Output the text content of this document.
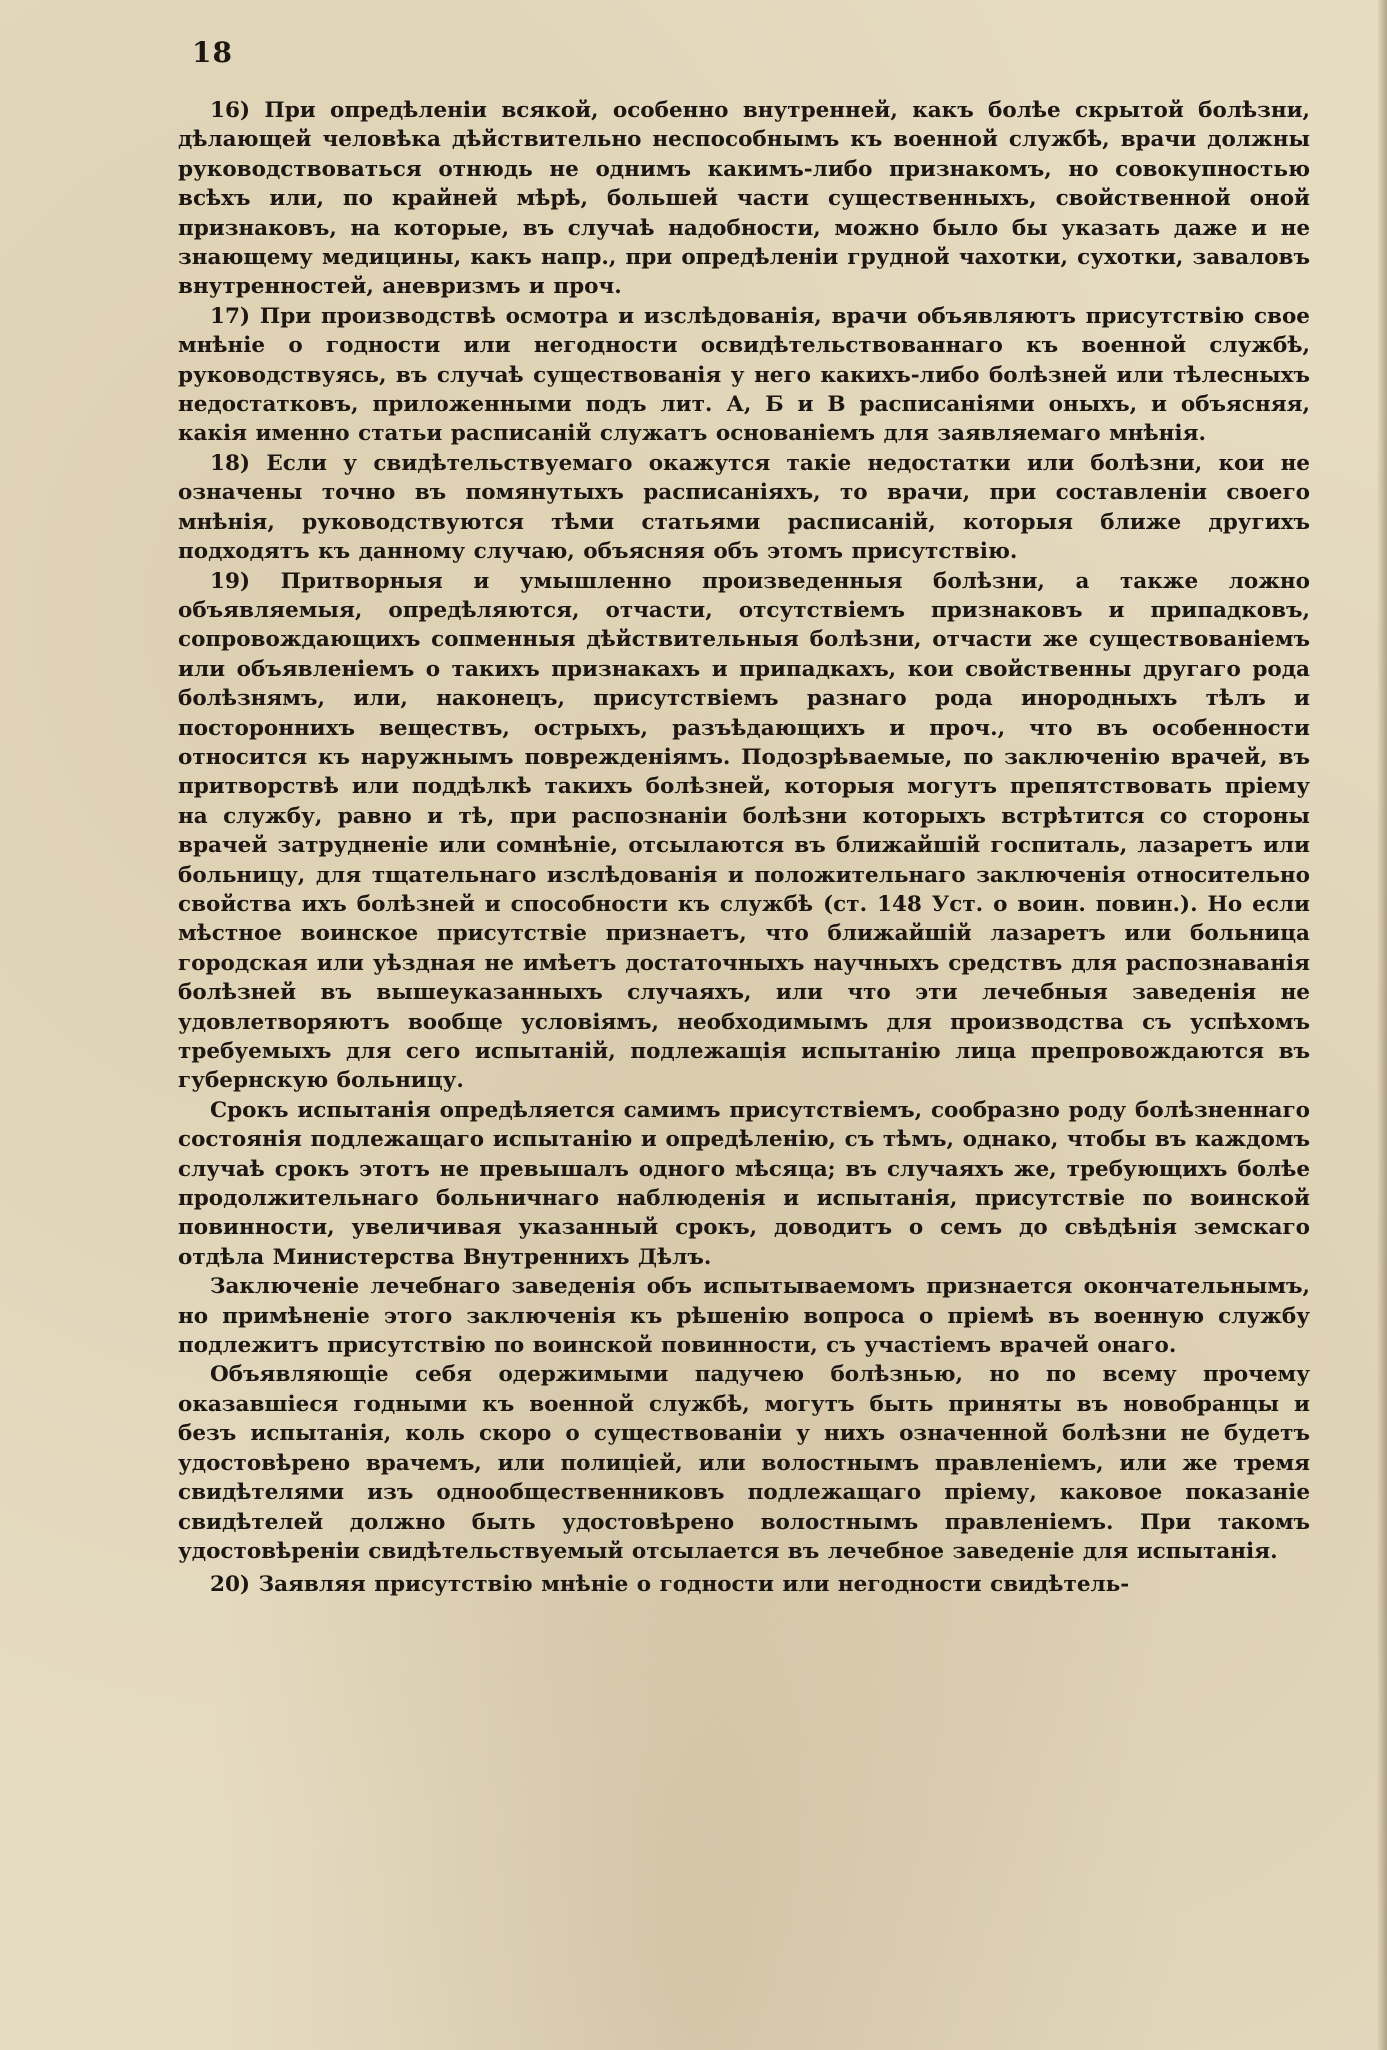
18

16) При опредѣленіи всякой, особенно внутренней, какъ болѣе скрытой болѣзни, дѣлающей человѣка дѣйствительно неспособнымъ къ военной службѣ, врачи должны руководствоваться отнюдь не однимъ какимъ-либо признакомъ, но совокупностью всѣхъ или, по крайней мѣрѣ, большей части существенныхъ, свойственной оной признаковъ, на которые, въ случаѣ надобности, можно было бы указать даже и не знающему медицины, какъ напр., при опредѣленіи грудной чахотки, сухотки, заваловъ внутренностей, аневризмъ и проч.

17) При производствѣ осмотра и изслѣдованія, врачи объявляютъ присутствію свое мнѣніе о годности или негодности освидѣтельствованнаго къ военной службѣ, руководствуясь, въ случаѣ существованія у него какихъ-либо болѣзней или тѣлесныхъ недостатковъ, приложенными подъ лит. А, Б и В расписаніями оныхъ, и объясняя, какія именно статьи расписаній служатъ основаніемъ для заявляемаго мнѣнія.

18) Если у свидѣтельствуемаго окажутся такіе недостатки или болѣзни, кои не означены точно въ помянутыхъ расписаніяхъ, то врачи, при составленіи своего мнѣнія, руководствуются тѣми статьями расписаній, которыя ближе другихъ подходятъ къ данному случаю, объясняя объ этомъ присутствію.

19) Притворныя и умышленно произведенныя болѣзни, а также ложно объявляемыя, опредѣляются, отчасти, отсутствіемъ признаковъ и припадковъ, сопровождающихъ сопменныя дѣйствительныя болѣзни, отчасти же существованіемъ или объявленіемъ о такихъ признакахъ и припадкахъ, кои свойственны другаго рода болѣзнямъ, или, наконецъ, присутствіемъ разнаго рода инородныхъ тѣлъ и постороннихъ веществъ, острыхъ, разъѣдающихъ и проч., что въ особенности относится къ наружнымъ поврежденіямъ. Подозрѣваемые, по заключенію врачей, въ притворствѣ или поддѣлкѣ такихъ болѣзней, которыя могутъ препятствовать пріему на службу, равно и тѣ, при распознаніи болѣзни которыхъ встрѣтится со стороны врачей затрудненіе или сомнѣніе, отсылаются въ ближайшій госпиталь, лазаретъ или больницу, для тщательнаго изслѣдованія и положительнаго заключенія относительно свойства ихъ болѣзней и способности къ службѣ (ст. 148 Уст. о воин. повин.). Но если мѣстное воинское присутствіе признаетъ, что ближайшій лазаретъ или больница городская или уѣздная не имѣетъ достаточныхъ научныхъ средствъ для распознаванія болѣзней въ вышеуказанныхъ случаяхъ, или что эти лечебныя заведенія не удовлетворяютъ вообще условіямъ, необходимымъ для производства съ успѣхомъ требуемыхъ для сего испытаній, подлежащія испытанію лица препровождаются въ губернскую больницу.

Срокъ испытанія опредѣляется самимъ присутствіемъ, сообразно роду болѣзненнаго состоянія подлежащаго испытанію и опредѣленію, съ тѣмъ, однако, чтобы въ каждомъ случаѣ срокъ этотъ не превышалъ одного мѣсяца; въ случаяхъ же, требующихъ болѣе продолжительнаго больничнаго наблюденія и испытанія, присутствіе по воинской повинности, увеличивая указанный срокъ, доводитъ о семъ до свѣдѣнія земскаго отдѣла Министерства Внутреннихъ Дѣлъ.

Заключеніе лечебнаго заведенія объ испытываемомъ признается окончательнымъ, но примѣненіе этого заключенія къ рѣшенію вопроса о пріемѣ въ военную службу подлежитъ присутствію по воинской повинности, съ участіемъ врачей онаго.

Объявляющіе себя одержимыми падучею болѣзнью, но по всему прочему оказавшіеся годными къ военной службѣ, могутъ быть приняты въ новобранцы и безъ испытанія, коль скоро о существованіи у нихъ означенной болѣзни не будетъ удостовѣрено врачемъ, или полиціей, или волостнымъ правленіемъ, или же тремя свидѣтелями изъ однообщественниковъ подлежащаго пріему, каковое показаніе свидѣтелей должно быть удостовѣрено волостнымъ правленіемъ. При такомъ удостовѣреніи свидѣтельствуемый отсылается въ лечебное заведеніе для испытанія.

20) Заявляя присутствію мнѣніе о годности или негодности свидѣтель-
